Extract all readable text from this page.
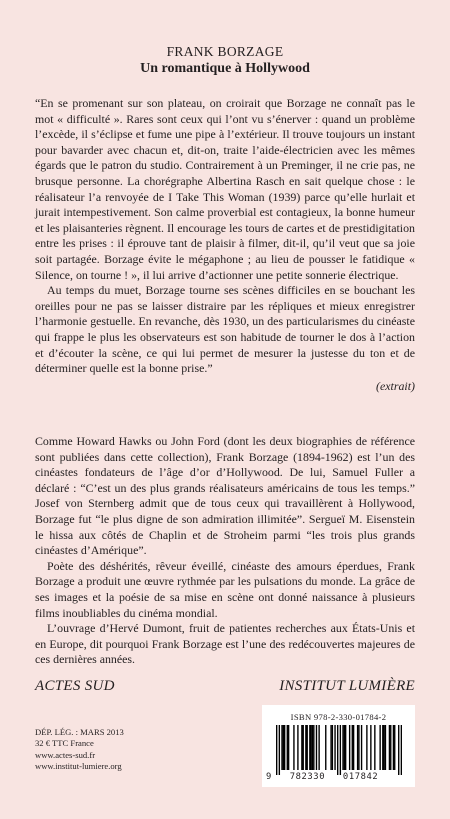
FRANK BORZAGE
Un romantique à Hollywood

“En se promenant sur son plateau, on croirait que Borzage ne connaît pas le mot « difficulté ». Rares sont ceux qui l’ont vu s’énerver : quand un problème l’excède, il s’éclipse et fume une pipe à l’extérieur. Il trouve toujours un instant pour bavarder avec chacun et, dit-on, traite l’aide-électricien avec les mêmes égards que le patron du studio. Contrairement à un Preminger, il ne crie pas, ne brusque personne. La chorégraphe Albertina Rasch en sait quelque chose : le réalisateur l’a renvoyée de I Take This Woman (1939) parce qu’elle hurlait et jurait intempestivement. Son calme proverbial est contagieux, la bonne humeur et les plaisanteries règnent. Il encourage les tours de cartes et de prestidigitation entre les prises : il éprouve tant de plaisir à filmer, dit-il, qu’il veut que sa joie soit partagée. Borzage évite le mégaphone ; au lieu de pousser le fatidique « Silence, on tourne ! », il lui arrive d’actionner une petite sonnerie électrique.

Au temps du muet, Borzage tourne ses scènes difficiles en se bouchant les oreilles pour ne pas se laisser distraire par les répliques et mieux enregistrer l’harmonie gestuelle. En revanche, dès 1930, un des particularismes du cinéaste qui frappe le plus les observateurs est son habitude de tourner le dos à l’action et d’écouter la scène, ce qui lui permet de mesurer la justesse du ton et de déterminer quelle est la bonne prise.”

(extrait)

Comme Howard Hawks ou John Ford (dont les deux biographies de référence sont publiées dans cette collection), Frank Borzage (1894-1962) est l’un des cinéastes fondateurs de l’âge d’or d’Hollywood. De lui, Samuel Fuller a déclaré : “C’est un des plus grands réalisateurs américains de tous les temps.” Josef von Sternberg admit que de tous ceux qui travaillèrent à Hollywood, Borzage fut “le plus digne de son admiration illimitée”. Sergueï M. Eisenstein le hissa aux côtés de Chaplin et de Stroheim parmi “les trois plus grands cinéastes d’Amérique”.

Poète des déshérités, rêveur éveillé, cinéaste des amours éperdues, Frank Borzage a produit une œuvre rythmée par les pulsations du monde. La grâce de ses images et la poésie de sa mise en scène ont donné naissance à plusieurs films inoubliables du cinéma mondial.

L’ouvrage d’Hervé Dumont, fruit de patientes recherches aux États-Unis et en Europe, dit pourquoi Frank Borzage est l’une des redécouvertes majeures de ces dernières années.

ACTES SUD	INSTITUT LUMIÈRE
DÉP. LÉG. : MARS 2013
32 € TTC France
www.actes-sud.fr
www.institut-lumiere.org
ISBN 978-2-330-01784-2
9 782330 017842
